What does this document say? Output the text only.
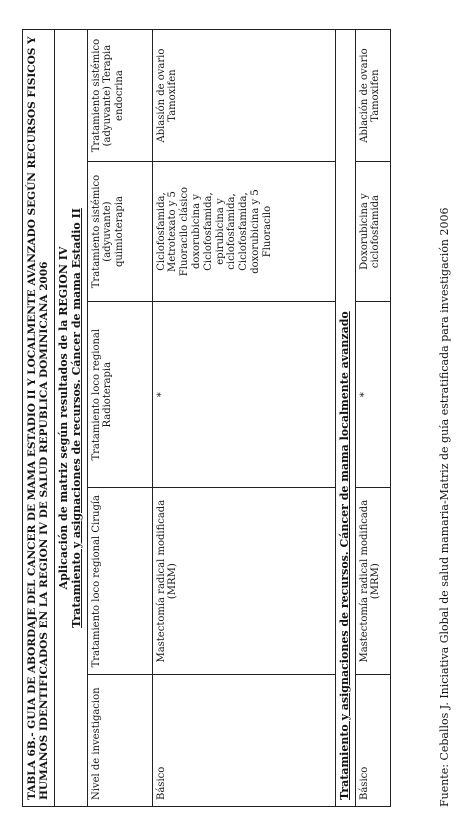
TABLA 6B.- GUIA DE ABORDAJE DEL CANCER DE MAMA ESTADIO II Y LOCALMENTE AVANZADO SEGÚN RECURSOS FISICOS Y HUMANOS IDENTIFICADOS EN LA REGION IV DE SALUD REPUBLICA DOMINICANA 2006				

Aplicación de matriz según resultados de la REGION IV Tratamiento y asignaciones de recursos. Cáncer de mama Estadio II				

Nivel de investigacion	Tratamiento loco regional Cirugía	Tratamiento loco regional Radioterapia	Tratamiento sistémico (adyuvante) quimioterapia	Tratamiento sistémico (adyuvante) Terapia endocrina
Básico	Mastectomía radical modificada (MRM)	*	Ciclofosfamida, Metrotexato y 5 Fluoracilo clásico doxorubicina y Ciclofosfamida, epirubicina y ciclofosfamida, Ciclofosfamida, doxorubicina y 5 Fluoracilo	Ablasión de ovario Tamoxifen
Tratamiento y asignaciones de recursos. Cáncer de mama localmente avanzado				
Básico	Mastectomía radical modificada (MRM)	*	Doxorubicina y ciclofosfamida	Ablación de ovario Tamoxifen
Fuente: Ceballos J. Iniciativa Global de salud mamaria-Matriz de guía estratificada para investigación 2006
